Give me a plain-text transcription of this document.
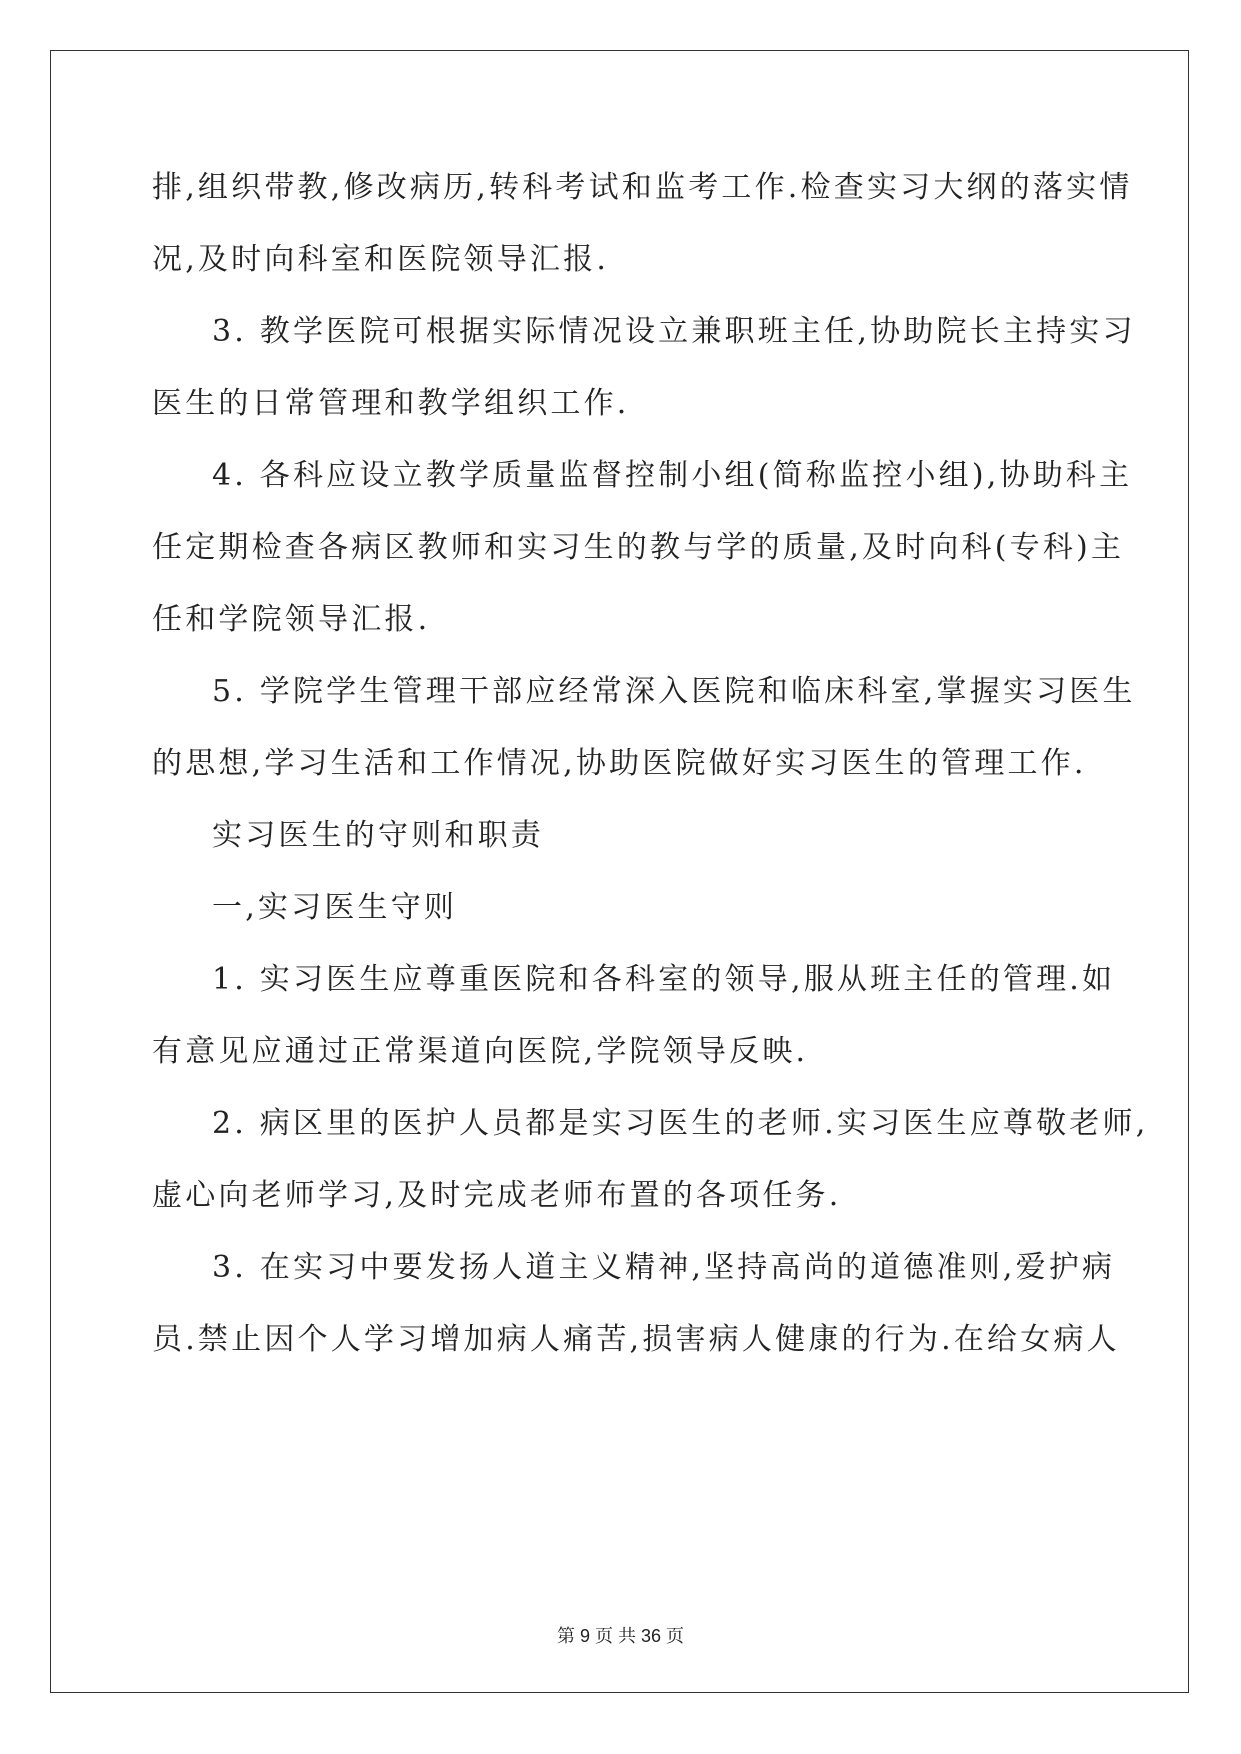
排,组织带教,修改病历,转科考试和监考工作.检查实习大纲的落实情
况,及时向科室和医院领导汇报.
3. 教学医院可根据实际情况设立兼职班主任,协助院长主持实习
医生的日常管理和教学组织工作.
4. 各科应设立教学质量监督控制小组(简称监控小组),协助科主
任定期检查各病区教师和实习生的教与学的质量,及时向科(专科)主
任和学院领导汇报.
5. 学院学生管理干部应经常深入医院和临床科室,掌握实习医生
的思想,学习生活和工作情况,协助医院做好实习医生的管理工作.
实习医生的守则和职责
一,实习医生守则
1. 实习医生应尊重医院和各科室的领导,服从班主任的管理.如
有意见应通过正常渠道向医院,学院领导反映.
2. 病区里的医护人员都是实习医生的老师.实习医生应尊敬老师,
虚心向老师学习,及时完成老师布置的各项任务.
3. 在实习中要发扬人道主义精神,坚持高尚的道德准则,爱护病
员.禁止因个人学习增加病人痛苦,损害病人健康的行为.在给女病人
第 9 页 共 36 页
